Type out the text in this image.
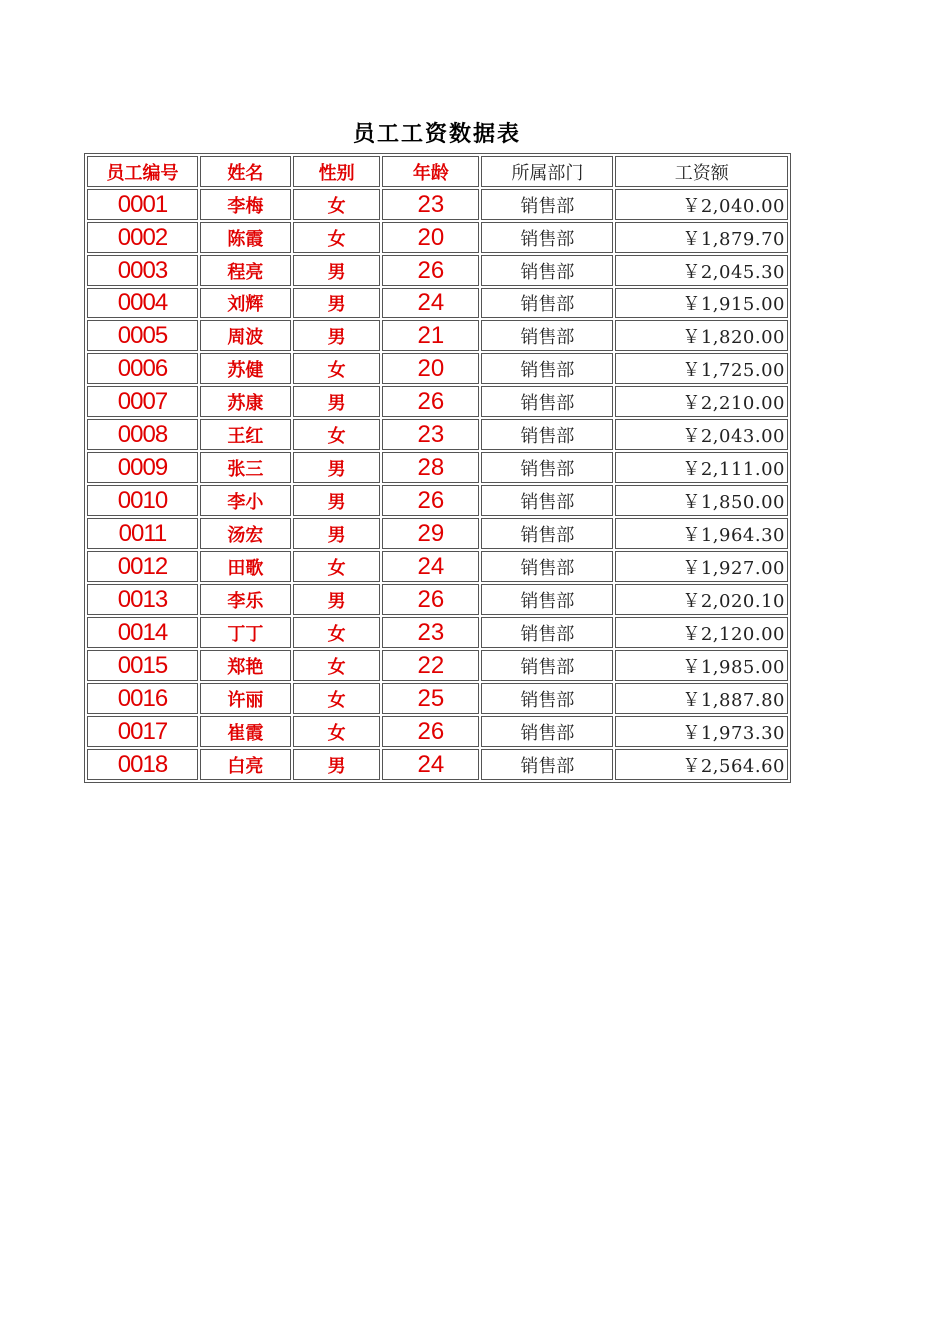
员工工资数据表
员工编号	姓名	性别	年龄	所属部门	工资额
0001	李梅	女	23	销售部	￥2,040.00
0002	陈霞	女	20	销售部	￥1,879.70
0003	程亮	男	26	销售部	￥2,045.30
0004	刘辉	男	24	销售部	￥1,915.00
0005	周波	男	21	销售部	￥1,820.00
0006	苏健	女	20	销售部	￥1,725.00
0007	苏康	男	26	销售部	￥2,210.00
0008	王红	女	23	销售部	￥2,043.00
0009	张三	男	28	销售部	￥2,111.00
0010	李小	男	26	销售部	￥1,850.00
0011	汤宏	男	29	销售部	￥1,964.30
0012	田歌	女	24	销售部	￥1,927.00
0013	李乐	男	26	销售部	￥2,020.10
0014	丁丁	女	23	销售部	￥2,120.00
0015	郑艳	女	22	销售部	￥1,985.00
0016	许丽	女	25	销售部	￥1,887.80
0017	崔霞	女	26	销售部	￥1,973.30
0018	白亮	男	24	销售部	￥2,564.60
